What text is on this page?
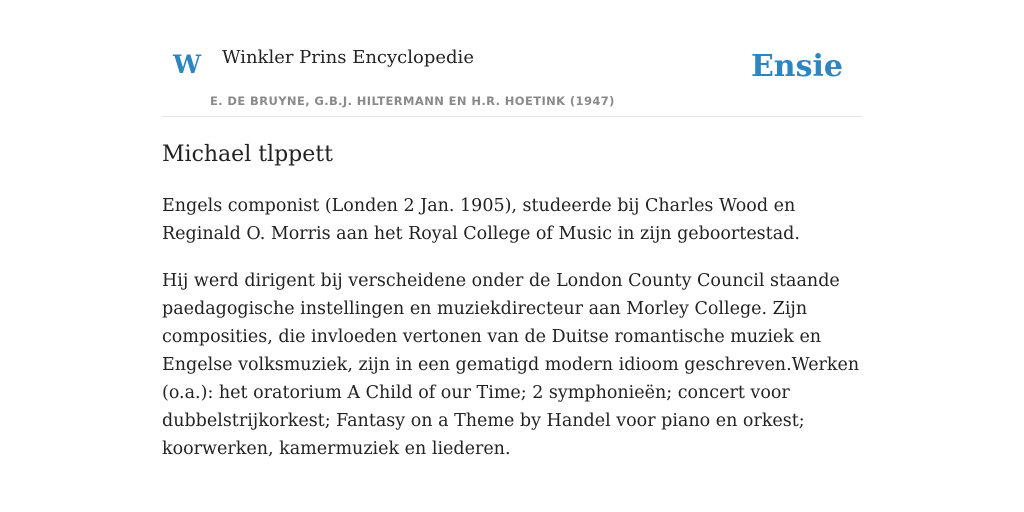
W Winkler Prins Encyclopedie
E. DE BRUYNE, G.B.J. HILTERMANN EN H.R. HOETINK (1947)
Ensie
Michael tlppett

Engels componist (Londen 2 Jan. 1905), studeerde bij Charles Wood en Reginald O. Morris aan het Royal College of Music in zijn geboortestad.

Hij werd dirigent bij verscheidene onder de London County Council staande paedagogische instellingen en muziekdirecteur aan Morley College. Zijn composities, die invloeden vertonen van de Duitse romantische muziek en Engelse volksmuziek, zijn in een gematigd modern idioom geschreven.Werken (o.a.): het oratorium A Child of our Time; 2 symphonieën; concert voor dubbelstrijkorkest; Fantasy on a Theme by Handel voor piano en orkest; koorwerken, kamermuziek en liederen.
